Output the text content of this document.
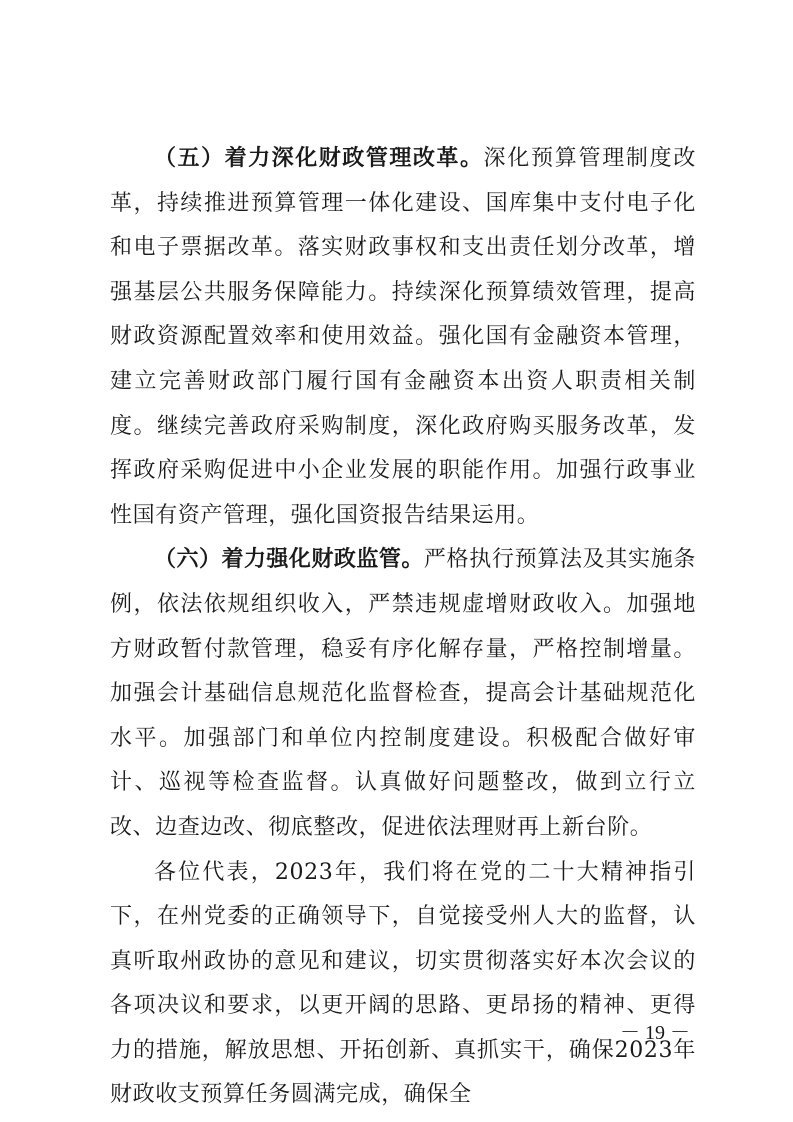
（五）着力深化财政管理改革。深化预算管理制度改革，持续推进预算管理一体化建设、国库集中支付电子化和电子票据改革。落实财政事权和支出责任划分改革，增强基层公共服务保障能力。持续深化预算绩效管理，提高财政资源配置效率和使用效益。强化国有金融资本管理，建立完善财政部门履行国有金融资本出资人职责相关制度。继续完善政府采购制度，深化政府购买服务改革，发挥政府采购促进中小企业发展的职能作用。加强行政事业性国有资产管理，强化国资报告结果运用。

（六）着力强化财政监管。严格执行预算法及其实施条例，依法依规组织收入，严禁违规虚增财政收入。加强地方财政暂付款管理，稳妥有序化解存量，严格控制增量。加强会计基础信息规范化监督检查，提高会计基础规范化水平。加强部门和单位内控制度建设。积极配合做好审计、巡视等检查监督。认真做好问题整改，做到立行立改、边查边改、彻底整改，促进依法理财再上新台阶。

各位代表，2023年，我们将在党的二十大精神指引下，在州党委的正确领导下，自觉接受州人大的监督，认真听取州政协的意见和建议，切实贯彻落实好本次会议的各项决议和要求，以更开阔的思路、更昂扬的精神、更得力的措施，解放思想、开拓创新、真抓实干，确保2023年财政收支预算任务圆满完成，确保全

－ 19 －
